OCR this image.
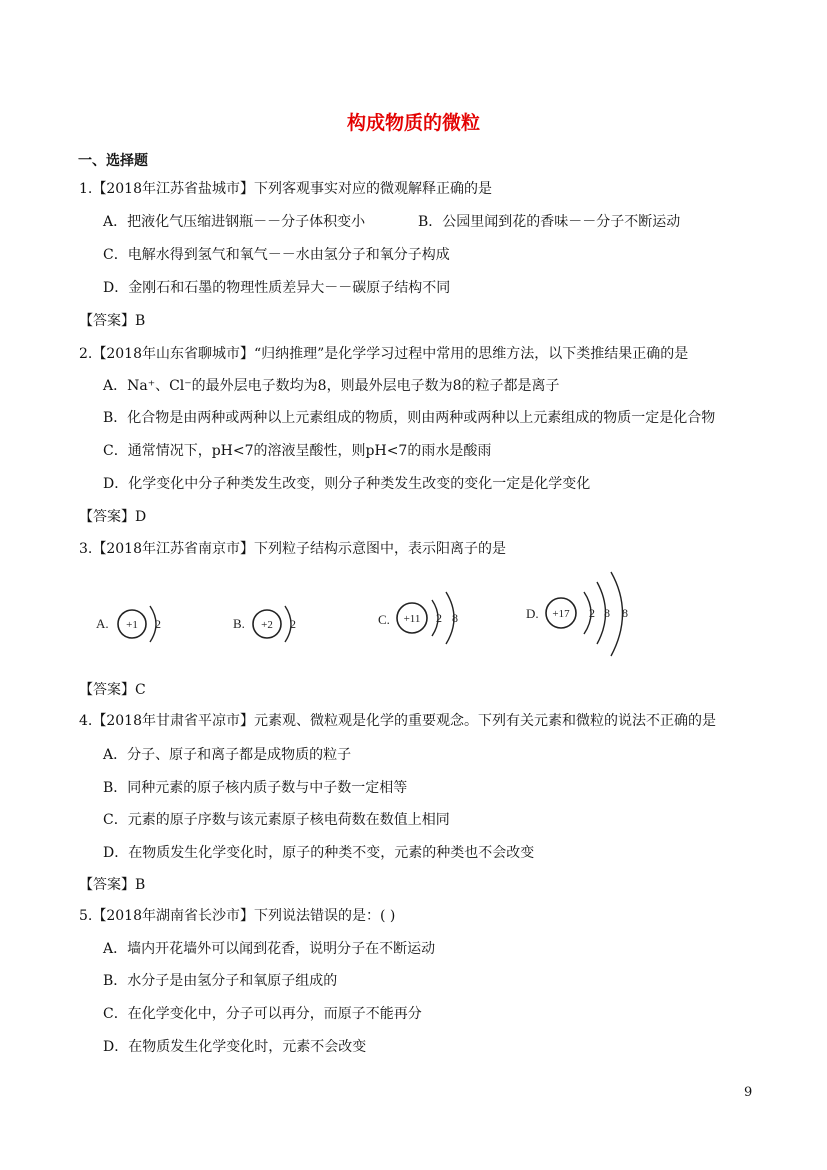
构成物质的微粒
一、选择题
1.【2018年江苏省盐城市】下列客观事实对应的微观解释正确的是
A．把液化气压缩进钢瓶－－分子体积变小	B．公园里闻到花的香味－－分子不断运动
C．电解水得到氢气和氧气－－水由氢分子和氧分子构成
D．金刚石和石墨的物理性质差异大－－碳原子结构不同
【答案】B
2.【2018年山东省聊城市】“归纳推理”是化学学习过程中常用的思维方法，以下类推结果正确的是
A．Na⁺、Cl⁻的最外层电子数均为8，则最外层电子数为8的粒子都是离子
B．化合物是由两种或两种以上元素组成的物质，则由两种或两种以上元素组成的物质一定是化合物
C．通常情况下，pH<7的溶液呈酸性，则pH<7的雨水是酸雨
D．化学变化中分子种类发生改变，则分子种类发生改变的变化一定是化学变化
【答案】D
3.【2018年江苏省南京市】下列粒子结构示意图中，表示阳离子的是
A. +1 2	B. +2 2	C. +11 2 8	D. +17 2 8 8
【答案】C
4.【2018年甘肃省平凉市】元素观、微粒观是化学的重要观念。下列有关元素和微粒的说法不正确的是
A．分子、原子和离子都是成物质的粒子
B．同种元素的原子核内质子数与中子数一定相等
C．元素的原子序数与该元素原子核电荷数在数值上相同
D．在物质发生化学变化时，原子的种类不变，元素的种类也不会改变
【答案】B
5.【2018年湖南省长沙市】下列说法错误的是：( )
A．墙内开花墙外可以闻到花香，说明分子在不断运动
B．水分子是由氢分子和氧原子组成的
C．在化学变化中，分子可以再分，而原子不能再分
D．在物质发生化学变化时，元素不会改变
9
